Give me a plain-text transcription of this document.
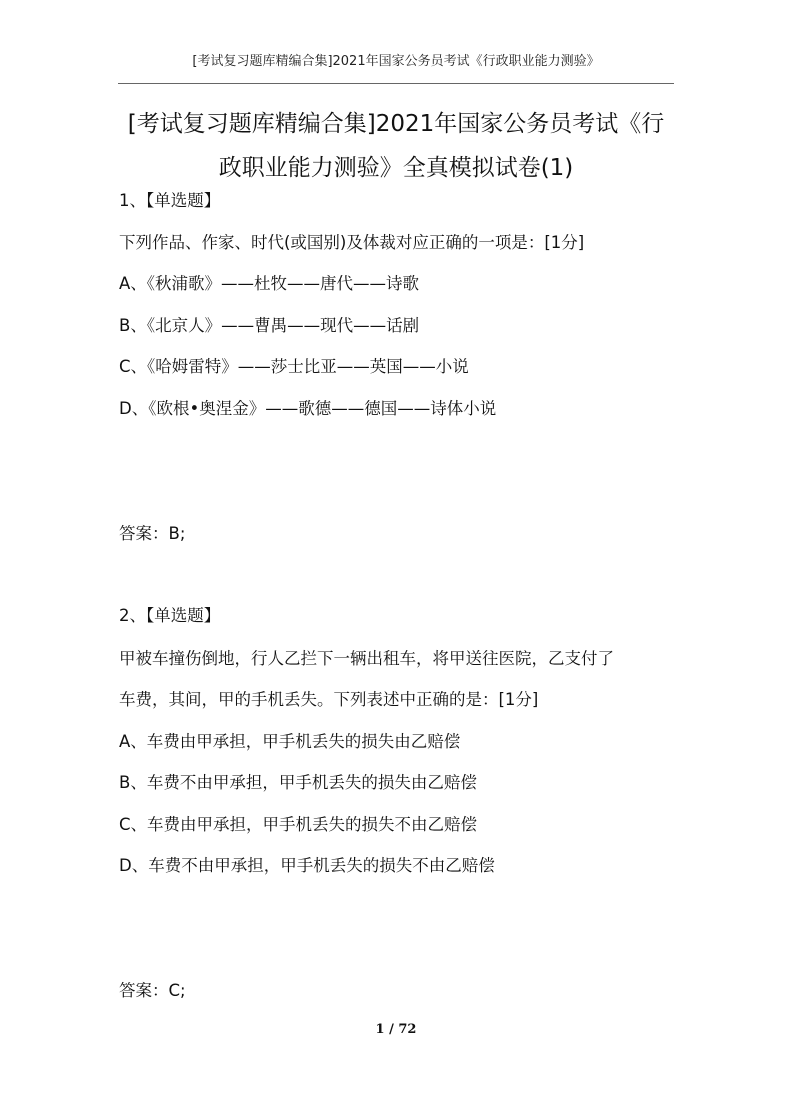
[考试复习题库精编合集]2021年国家公务员考试《行政职业能力测验》
[考试复习题库精编合集]2021年国家公务员考试《行
政职业能力测验》全真模拟试卷(1)
1、【单选题】
下列作品、作家、时代(或国别)及体裁对应正确的一项是：[1分]
A、《秋浦歌》——杜牧——唐代——诗歌
B、《北京人》——曹禺——现代——话剧
C、《哈姆雷特》——莎士比亚——英国——小说
D、《欧根•奥涅金》——歌德——德国——诗体小说
答案：B;
2、【单选题】
甲被车撞伤倒地，行人乙拦下一辆出租车，将甲送往医院，乙支付了
车费，其间，甲的手机丢失。下列表述中正确的是：[1分]
A、车费由甲承担，甲手机丢失的损失由乙赔偿
B、车费不由甲承担，甲手机丢失的损失由乙赔偿
C、车费由甲承担，甲手机丢失的损失不由乙赔偿
D、车费不由甲承担，甲手机丢失的损失不由乙赔偿
答案：C;
1 / 72
